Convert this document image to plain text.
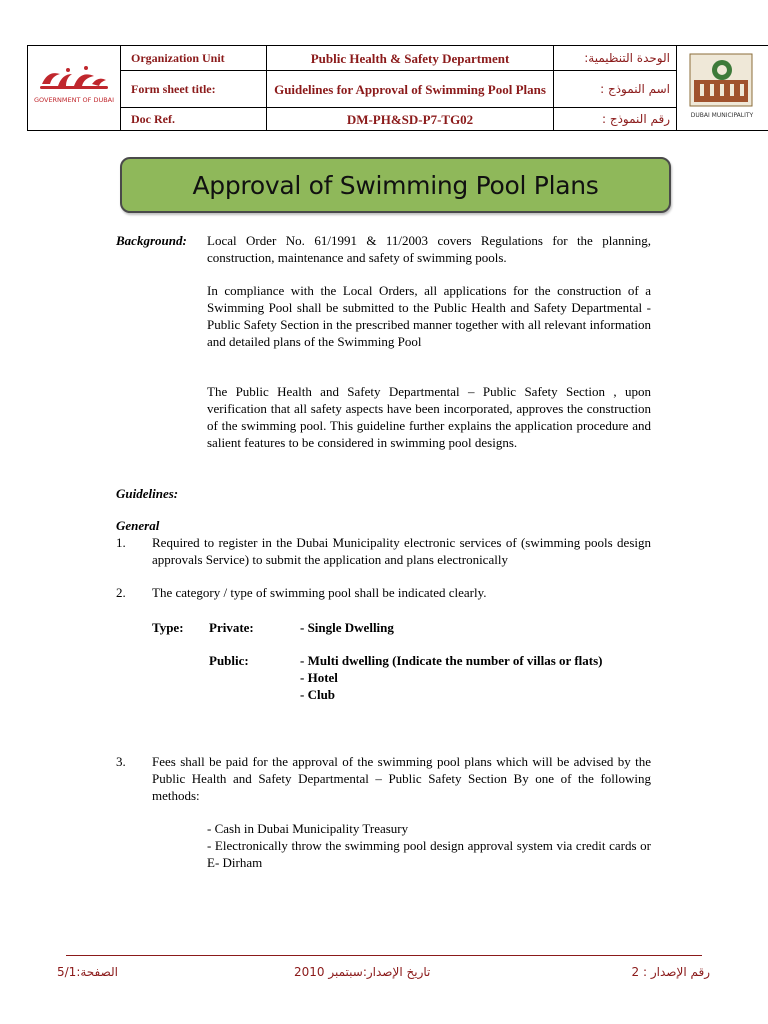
GOVERNMENT OF DUBAI
Organization Unit	Public Health & Safety Department	الوحدة التنظيمية:
Form sheet title:	Guidelines for Approval of Swimming Pool Plans	اسم النموذج :
Doc Ref.	DM-PH&SD-P7-TG02	رقم النموذج :	DUBAI MUNICIPALITY
Approval of Swimming Pool Plans
Background: Local Order No. 61/1991 & 11/2003 covers Regulations for the planning, construction, maintenance and safety of swimming pools.
In compliance with the Local Orders, all applications for the construction of a Swimming Pool shall be submitted to the Public Health and Safety Departmental - Public Safety Section in the prescribed manner together with all relevant information and detailed plans of the Swimming Pool
The Public Health and Safety Departmental – Public Safety Section , upon verification that all safety aspects have been incorporated, approves the construction of the swimming pool. This guideline further explains the application procedure and salient features to be considered in swimming pool designs.
Guidelines:
General
1. Required to register in the Dubai Municipality electronic services of (swimming pools design approvals Service) to submit the application and plans electronically
2. The category / type of swimming pool shall be indicated clearly.
Type: Private:	- Single Dwelling
Public:	- Multi dwelling (Indicate the number of villas or flats)
- Hotel
- Club
3. Fees shall be paid for the approval of the swimming pool plans which will be advised by the Public Health and Safety Departmental – Public Safety Section By one of the following methods:
- Cash in Dubai Municipality Treasury
- Electronically throw the swimming pool design approval system via credit cards or E- Dirham
الصفحة:5/1	تاريخ الإصدار:سبتمبر 2010	رقم الإصدار : 2
